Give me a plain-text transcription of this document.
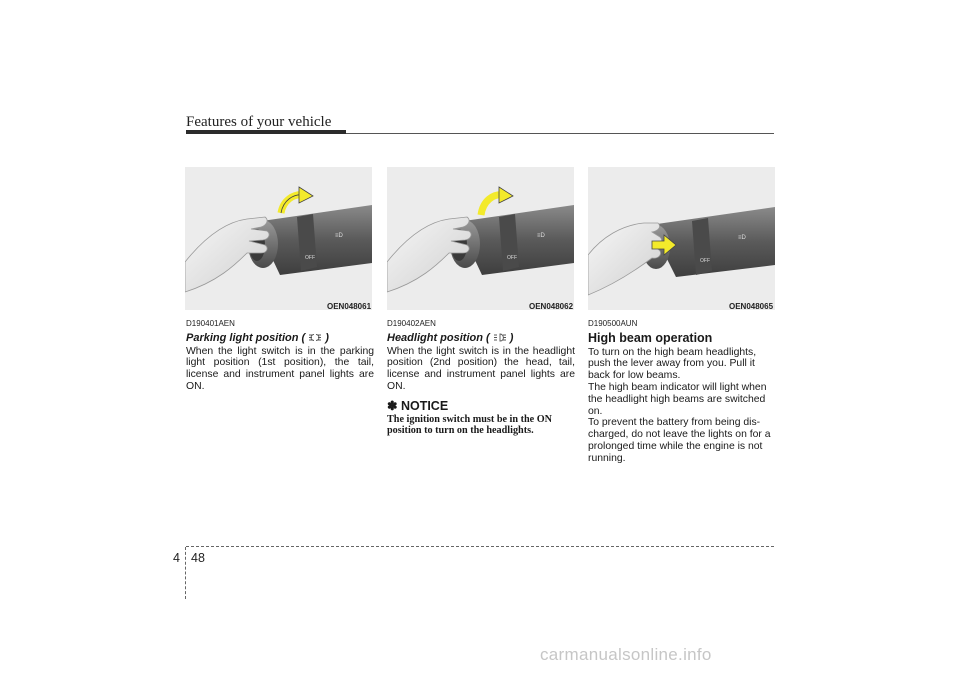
Features of your vehicle
≡D
OFF
OEN048061
≡D
OFF
OEN048062
≡D
OFF
OEN048065
D190401AEN
Parking light position ( )
When the light switch is in the parking light position (1st position), the tail, license and instrument panel lights are ON.
D190402AEN
Headlight position ( )
When the light switch is in the headlight position (2nd position) the head, tail, license and instrument panel lights are ON.
✽ NOTICE
The ignition switch must be in the ON position to turn on the headlights.
D190500AUN
High beam operation
To turn on the high beam headlights, push the lever away from you. Pull it back for low beams.
The high beam indicator will light when the headlight high beams are switched on.
To prevent the battery from being dis-charged, do not leave the lights on for a prolonged time while the engine is not running.
4 48
carmanualsonline.info
